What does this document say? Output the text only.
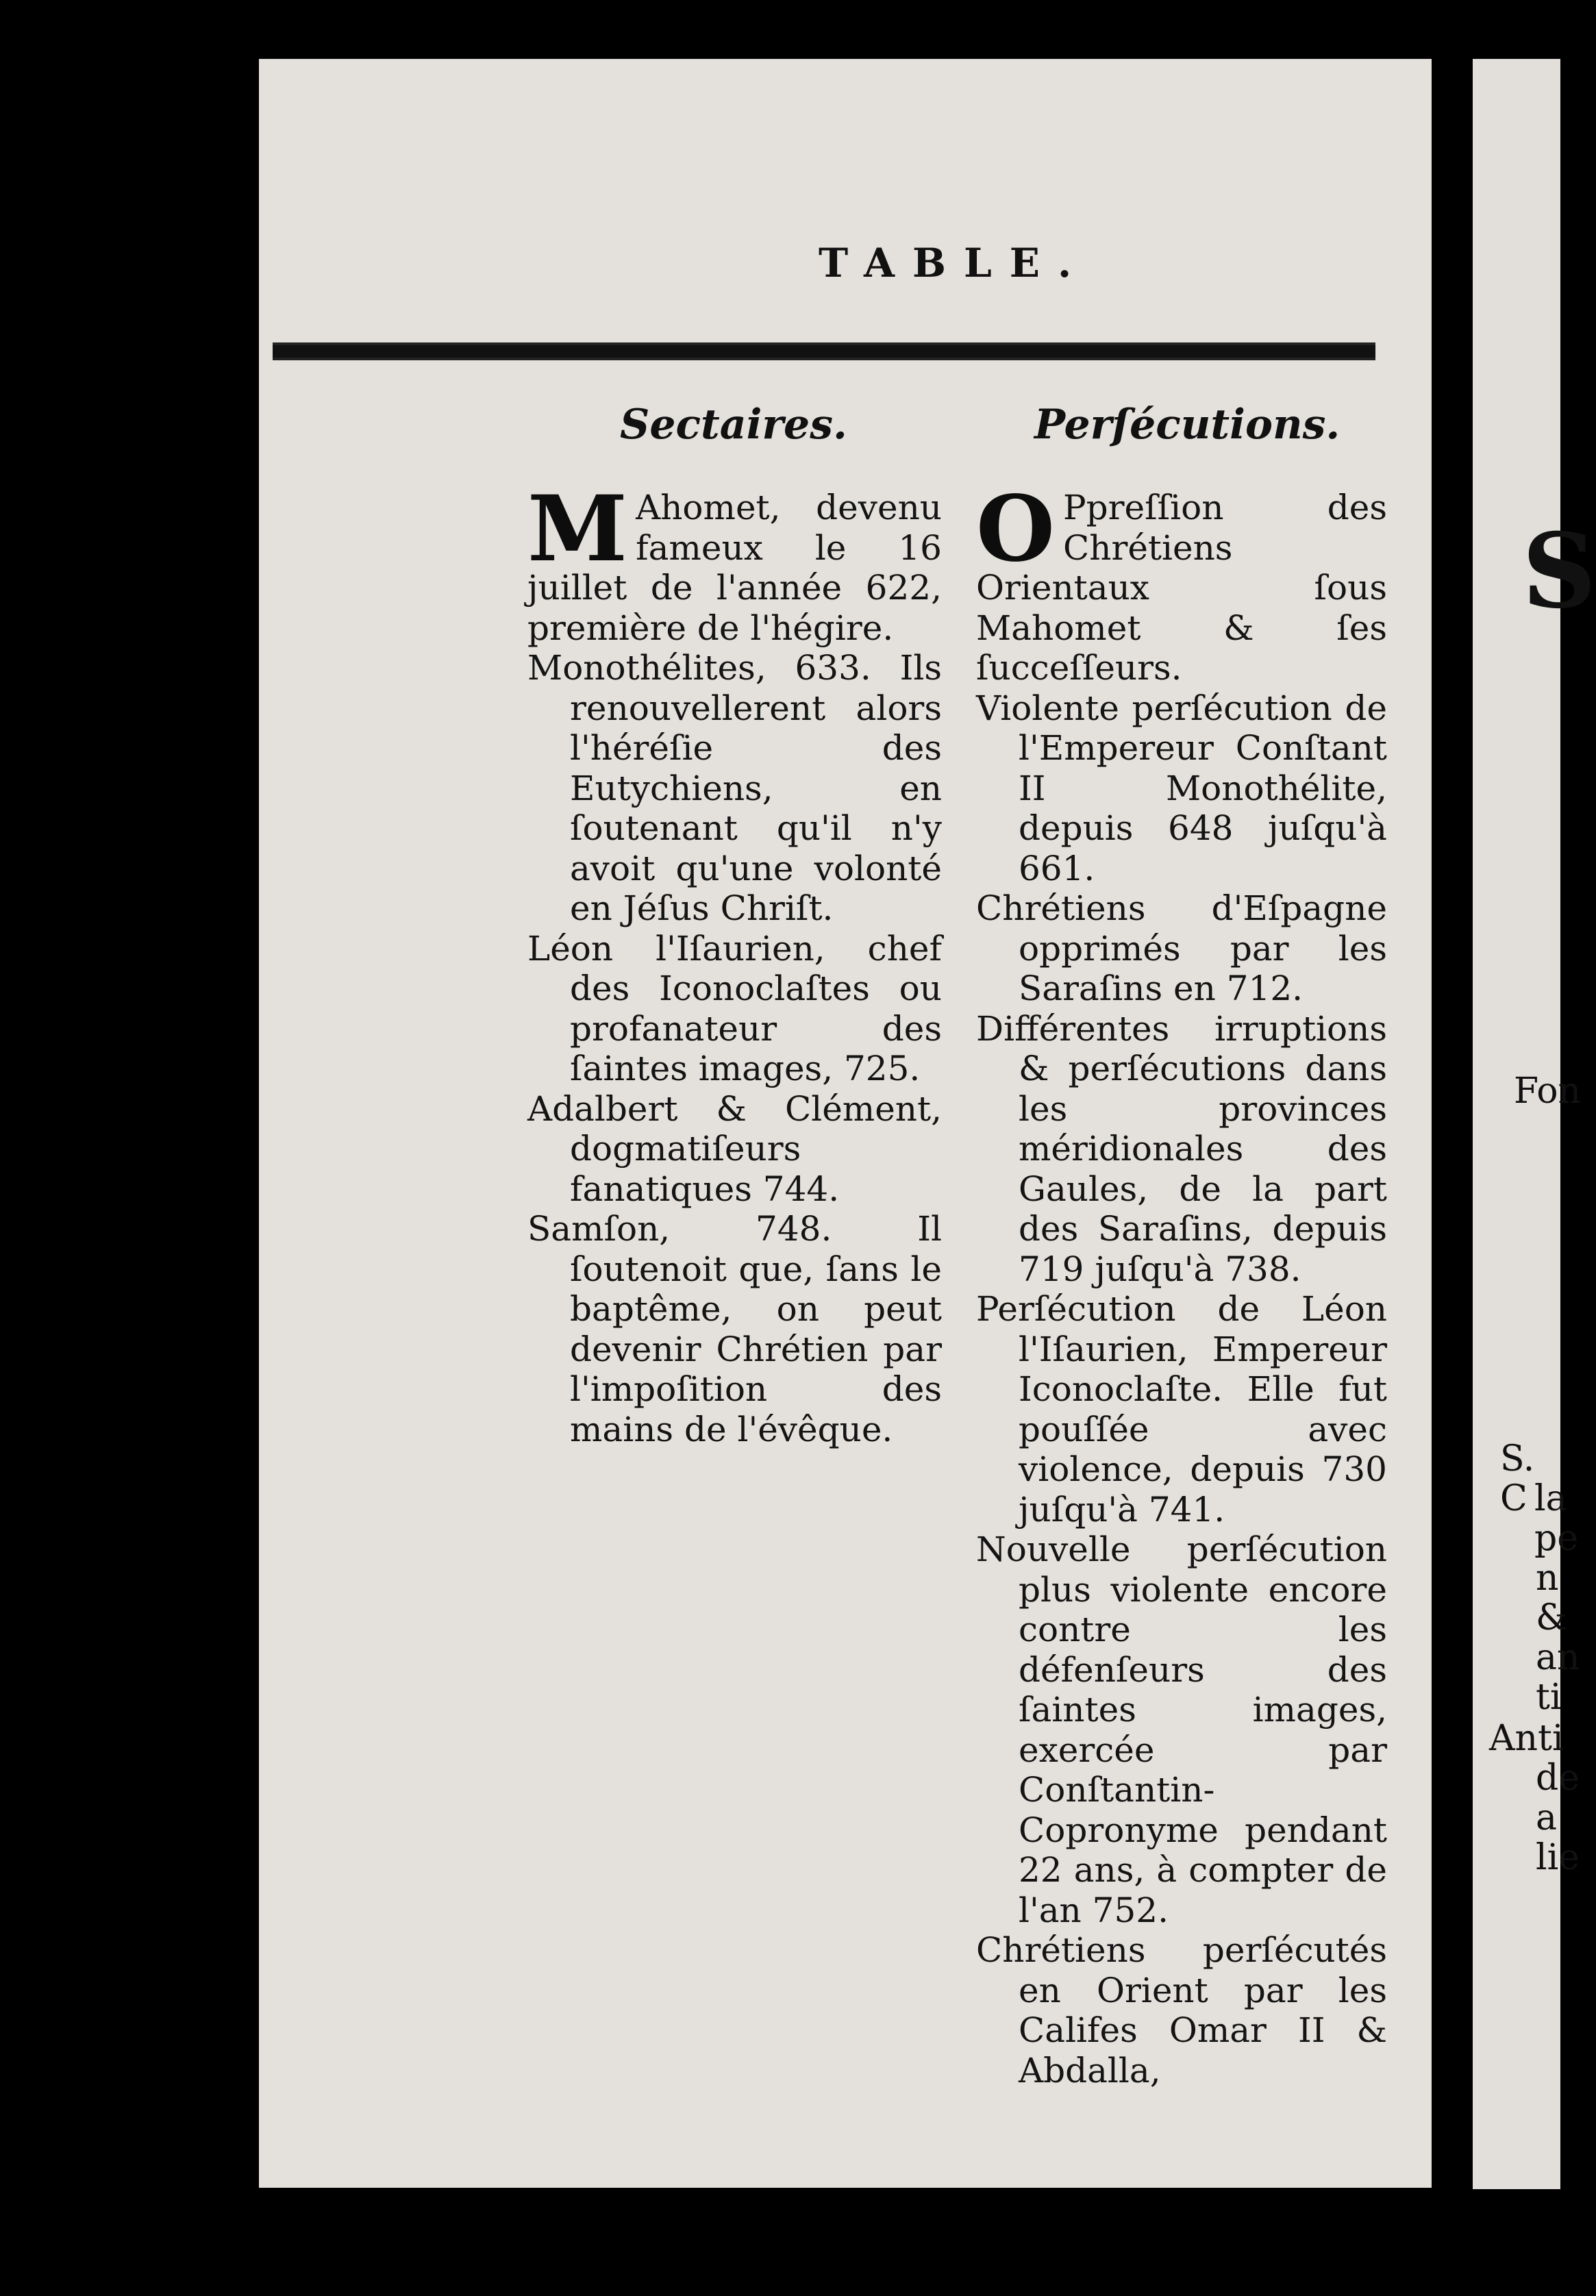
S
Fon
S. C la
pe
n
&
an
ti
Anti
de
a
lie
TABLE.
Sectaires.

M Ahomet, devenu fameux le 16 juillet de l'année 622, première de l'hégire.

Monothélites, 633. Ils renouvellerent alors l'héréſie des Eutychiens, en ſoutenant qu'il n'y avoit qu'une volonté en Jéſus Chriſt.

Léon l'Iſaurien, chef des Iconoclaſtes ou profanateur des ſaintes images, 725.

Adalbert & Clément, dogmatiſeurs fanatiques 744.

Samſon, 748. Il ſoutenoit que, ſans le baptême, on peut devenir Chrétien par l'impoſition des mains de l'évêque.

Perſécutions.

O Ppreſſion des Chrétiens Orientaux ſous Mahomet & ſes ſucceſſeurs.

Violente perſécution de l'Empereur Conſtant II Monothélite, depuis 648 juſqu'à 661.

Chrétiens d'Eſpagne opprimés par les Saraſins en 712.

Différentes irruptions & perſécutions dans les provinces méridionales des Gaules, de la part des Saraſins, depuis 719 juſqu'à 738.

Perſécution de Léon l'Iſaurien, Empereur Iconoclaſte. Elle fut pouſſée avec violence, depuis 730 juſqu'à 741.

Nouvelle perſécution plus violente encore contre les défenſeurs des ſaintes images, exercée par Conſtantin-Copronyme pendant 22 ans, à compter de l'an 752.

Chrétiens perſécutés en Orient par les Califes Omar II & Abdalla,
